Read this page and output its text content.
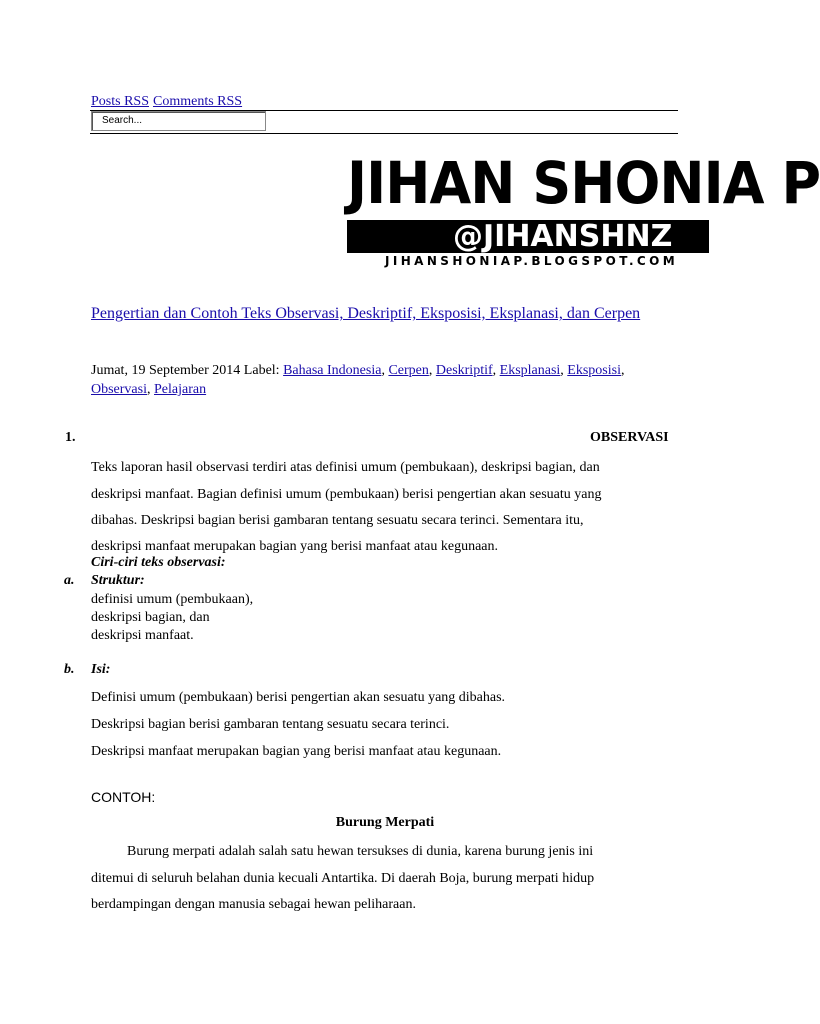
Posts RSS Comments RSS
Search...
JIHAN SHONIA P
@JIHANSHNZ
JIHANSHONIAP.BLOGSPOT.COM
Pengertian dan Contoh Teks Observasi, Deskriptif, Eksposisi, Eksplanasi, dan Cerpen
Jumat, 19 September 2014 Label: Bahasa Indonesia, Cerpen, Deskriptif, Eksplanasi, Eksposisi,
Observasi, Pelajaran
1.	OBSERVASI
Teks laporan hasil observasi terdiri atas definisi umum (pembukaan), deskripsi bagian, dan
deskripsi manfaat. Bagian definisi umum (pembukaan) berisi pengertian akan sesuatu yang
dibahas. Deskripsi bagian berisi gambaran tentang sesuatu secara terinci. Sementara itu,

deskripsi manfaat merupakan bagian yang berisi manfaat atau kegunaan.
Ciri-ciri teks observasi:
a. Struktur:
definisi umum (pembukaan),
deskripsi bagian, dan
deskripsi manfaat.
b. Isi:
Definisi umum (pembukaan) berisi pengertian akan sesuatu yang dibahas.
Deskripsi bagian berisi gambaran tentang sesuatu secara terinci.
Deskripsi manfaat merupakan bagian yang berisi manfaat atau kegunaan.
CONTOH:
Burung Merpati
Burung merpati adalah salah satu hewan tersukses di dunia, karena burung jenis ini
ditemui di seluruh belahan dunia kecuali Antartika. Di daerah Boja, burung merpati hidup
berdampingan dengan manusia sebagai hewan peliharaan.
